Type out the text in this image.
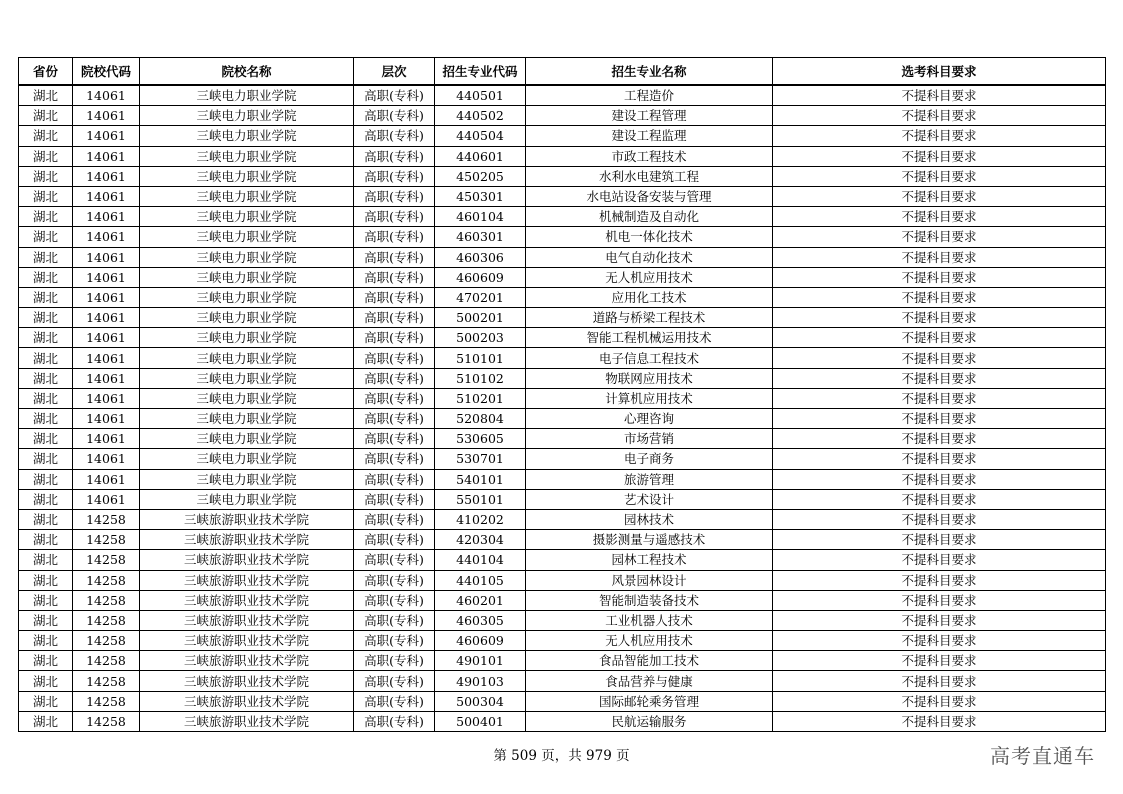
省份	院校代码	院校名称	层次	招生专业代码	招生专业名称	选考科目要求
湖北	14061	三峡电力职业学院	高职(专科)	440501	工程造价	不提科目要求
湖北	14061	三峡电力职业学院	高职(专科)	440502	建设工程管理	不提科目要求
湖北	14061	三峡电力职业学院	高职(专科)	440504	建设工程监理	不提科目要求
湖北	14061	三峡电力职业学院	高职(专科)	440601	市政工程技术	不提科目要求
湖北	14061	三峡电力职业学院	高职(专科)	450205	水利水电建筑工程	不提科目要求
湖北	14061	三峡电力职业学院	高职(专科)	450301	水电站设备安装与管理	不提科目要求
湖北	14061	三峡电力职业学院	高职(专科)	460104	机械制造及自动化	不提科目要求
湖北	14061	三峡电力职业学院	高职(专科)	460301	机电一体化技术	不提科目要求
湖北	14061	三峡电力职业学院	高职(专科)	460306	电气自动化技术	不提科目要求
湖北	14061	三峡电力职业学院	高职(专科)	460609	无人机应用技术	不提科目要求
湖北	14061	三峡电力职业学院	高职(专科)	470201	应用化工技术	不提科目要求
湖北	14061	三峡电力职业学院	高职(专科)	500201	道路与桥梁工程技术	不提科目要求
湖北	14061	三峡电力职业学院	高职(专科)	500203	智能工程机械运用技术	不提科目要求
湖北	14061	三峡电力职业学院	高职(专科)	510101	电子信息工程技术	不提科目要求
湖北	14061	三峡电力职业学院	高职(专科)	510102	物联网应用技术	不提科目要求
湖北	14061	三峡电力职业学院	高职(专科)	510201	计算机应用技术	不提科目要求
湖北	14061	三峡电力职业学院	高职(专科)	520804	心理咨询	不提科目要求
湖北	14061	三峡电力职业学院	高职(专科)	530605	市场营销	不提科目要求
湖北	14061	三峡电力职业学院	高职(专科)	530701	电子商务	不提科目要求
湖北	14061	三峡电力职业学院	高职(专科)	540101	旅游管理	不提科目要求
湖北	14061	三峡电力职业学院	高职(专科)	550101	艺术设计	不提科目要求
湖北	14258	三峡旅游职业技术学院	高职(专科)	410202	园林技术	不提科目要求
湖北	14258	三峡旅游职业技术学院	高职(专科)	420304	摄影测量与遥感技术	不提科目要求
湖北	14258	三峡旅游职业技术学院	高职(专科)	440104	园林工程技术	不提科目要求
湖北	14258	三峡旅游职业技术学院	高职(专科)	440105	风景园林设计	不提科目要求
湖北	14258	三峡旅游职业技术学院	高职(专科)	460201	智能制造装备技术	不提科目要求
湖北	14258	三峡旅游职业技术学院	高职(专科)	460305	工业机器人技术	不提科目要求
湖北	14258	三峡旅游职业技术学院	高职(专科)	460609	无人机应用技术	不提科目要求
湖北	14258	三峡旅游职业技术学院	高职(专科)	490101	食品智能加工技术	不提科目要求
湖北	14258	三峡旅游职业技术学院	高职(专科)	490103	食品营养与健康	不提科目要求
湖北	14258	三峡旅游职业技术学院	高职(专科)	500304	国际邮轮乘务管理	不提科目要求
湖北	14258	三峡旅游职业技术学院	高职(专科)	500401	民航运输服务	不提科目要求
第 509 页，共 979 页	高考直通车
